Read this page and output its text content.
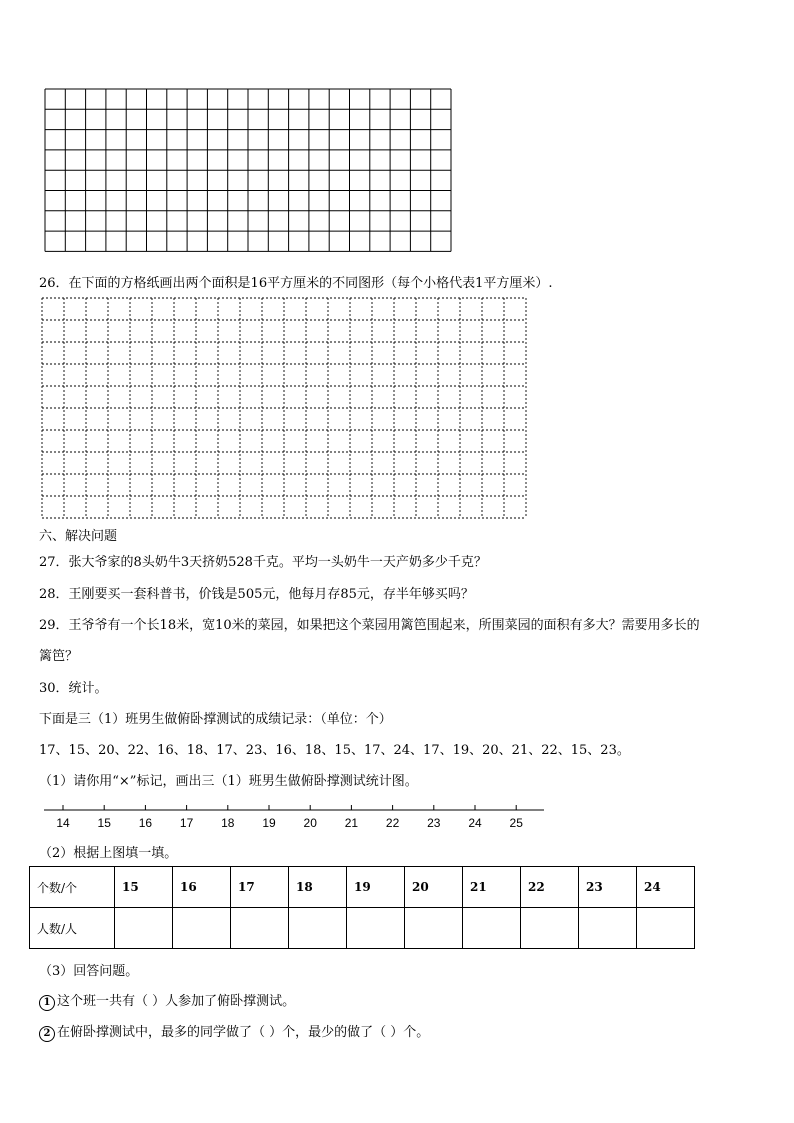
26．在下面的方格纸画出两个面积是16平方厘米的不同图形（每个小格代表1平方厘米）.
六、解决问题
27．张大爷家的8头奶牛3天挤奶528千克。平均一头奶牛一天产奶多少千克？
28．王刚要买一套科普书，价钱是505元，他每月存85元，存半年够买吗？
29．王爷爷有一个长18米，宽10米的菜园，如果把这个菜园用篱笆围起来，所围菜园的面积有多大？需要用多长的
篱笆？
30．统计。
下面是三（1）班男生做俯卧撑测试的成绩记录：（单位：个）
17、15、20、22、16、18、17、23、16、18、15、17、24、17、19、20、21、22、15、23。
（1）请你用“×”标记，画出三（1）班男生做俯卧撑测试统计图。
14 15 16 17 18 19 20 21 22 23 24 25
（2）根据上图填一填。
个数/个	15	16	17	18	19	20	21	22	23	24
人数/人										
（3）回答问题。
1 这个班一共有（ ）人参加了俯卧撑测试。
2 在俯卧撑测试中，最多的同学做了（ ）个，最少的做了（ ）个。
